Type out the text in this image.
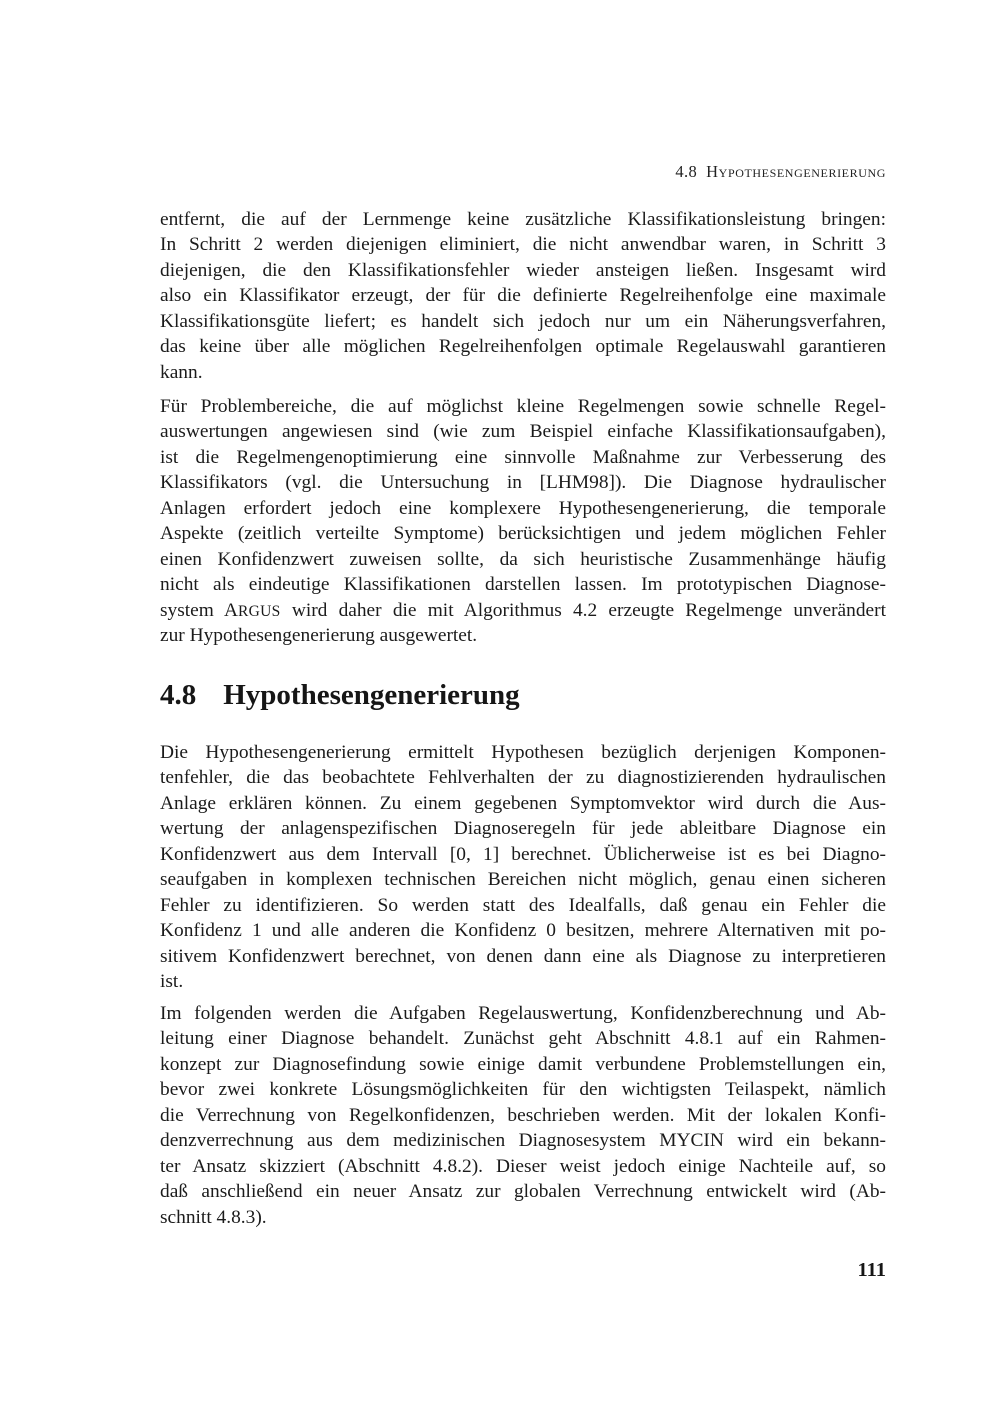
4.8 Hypothesengenerierung
entfernt, die auf der Lernmenge keine zusätzliche Klassifikationsleistung bringen:
In Schritt 2 werden diejenigen eliminiert, die nicht anwendbar waren, in Schritt 3
diejenigen, die den Klassifikationsfehler wieder ansteigen ließen. Insgesamt wird
also ein Klassifikator erzeugt, der für die definierte Regelreihenfolge eine maximale
Klassifikationsgüte liefert; es handelt sich jedoch nur um ein Näherungsverfahren,
das keine über alle möglichen Regelreihenfolgen optimale Regelauswahl garantieren
kann.
Für Problembereiche, die auf möglichst kleine Regelmengen sowie schnelle Regel-
auswertungen angewiesen sind (wie zum Beispiel einfache Klassifikationsaufgaben),
ist die Regelmengenoptimierung eine sinnvolle Maßnahme zur Verbesserung des
Klassifikators (vgl. die Untersuchung in [LHM98]). Die Diagnose hydraulischer
Anlagen erfordert jedoch eine komplexere Hypothesengenerierung, die temporale
Aspekte (zeitlich verteilte Symptome) berücksichtigen und jedem möglichen Fehler
einen Konfidenzwert zuweisen sollte, da sich heuristische Zusammenhänge häufig
nicht als eindeutige Klassifikationen darstellen lassen. Im prototypischen Diagnose-
system ARGUS wird daher die mit Algorithmus 4.2 erzeugte Regelmenge unverändert
zur Hypothesengenerierung ausgewertet.
4.8 Hypothesengenerierung
Die Hypothesengenerierung ermittelt Hypothesen bezüglich derjenigen Komponen-
tenfehler, die das beobachtete Fehlverhalten der zu diagnostizierenden hydraulischen
Anlage erklären können. Zu einem gegebenen Symptomvektor wird durch die Aus-
wertung der anlagenspezifischen Diagnoseregeln für jede ableitbare Diagnose ein
Konfidenzwert aus dem Intervall [0, 1] berechnet. Üblicherweise ist es bei Diagno-
seaufgaben in komplexen technischen Bereichen nicht möglich, genau einen sicheren
Fehler zu identifizieren. So werden statt des Idealfalls, daß genau ein Fehler die
Konfidenz 1 und alle anderen die Konfidenz 0 besitzen, mehrere Alternativen mit po-
sitivem Konfidenzwert berechnet, von denen dann eine als Diagnose zu interpretieren
ist.
Im folgenden werden die Aufgaben Regelauswertung, Konfidenzberechnung und Ab-
leitung einer Diagnose behandelt. Zunächst geht Abschnitt 4.8.1 auf ein Rahmen-
konzept zur Diagnosefindung sowie einige damit verbundene Problemstellungen ein,
bevor zwei konkrete Lösungsmöglichkeiten für den wichtigsten Teilaspekt, nämlich
die Verrechnung von Regelkonfidenzen, beschrieben werden. Mit der lokalen Konfi-
denzverrechnung aus dem medizinischen Diagnosesystem MYCIN wird ein bekann-
ter Ansatz skizziert (Abschnitt 4.8.2). Dieser weist jedoch einige Nachteile auf, so
daß anschließend ein neuer Ansatz zur globalen Verrechnung entwickelt wird (Ab-
schnitt 4.8.3).
111
